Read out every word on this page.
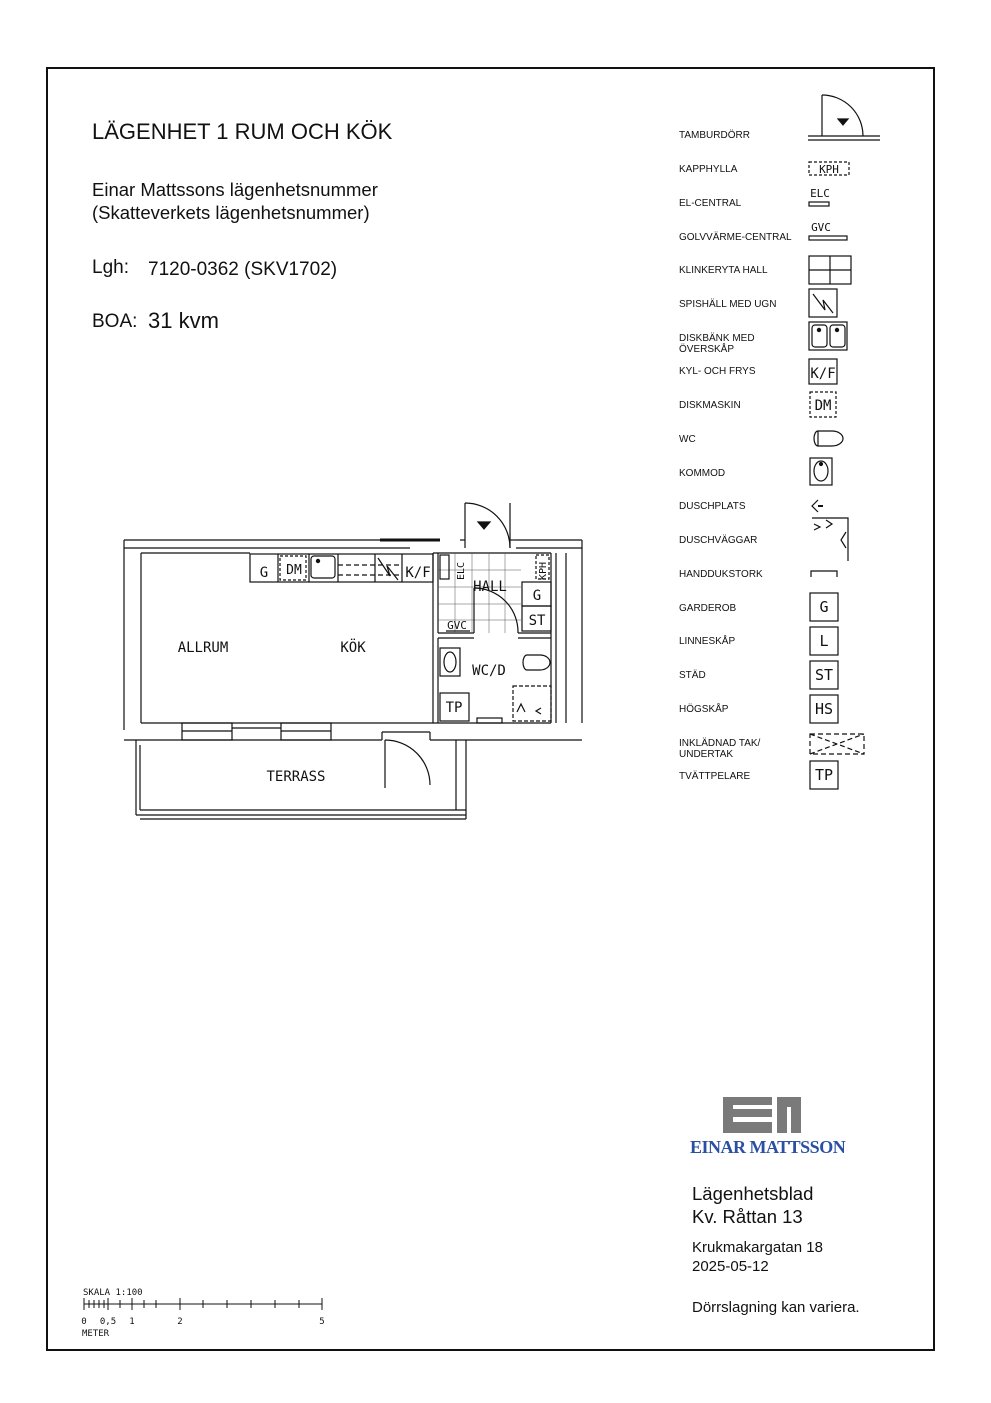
LÄGENHET 1 RUM OCH KÖK
Einar Mattssons lägenhetsnummer
(Skatteverkets lägenhetsnummer)
Lgh: 7120-0362 (SKV1702)
BOA: 31 kvm
TAMBURDÖRR
KAPPHYLLA
EL-CENTRAL
GOLVVÄRME-CENTRAL
KLINKERYTA HALL
SPISHÄLL MED UGN
DISKBÄNK MED ÖVERSKÅP
KYL- OCH FRYS
DISKMASKIN
WC
KOMMOD
DUSCHPLATS
DUSCHVÄGGAR
HANDDUKSTORK
GARDEROB
LINNESKÅP
STÄD
HÖGSKÅP
INKLÄDNAD TAK/ UNDERTAK
TVÄTTPELARE
EINAR MATTSSON
Lägenhetsblad
Kv. Råttan 13
Krukmakargatan 18
2025-05-12
Dörrslagning kan variera.
KPH
ELC
GVC
K/F
DM
G
L
ST
HS
TP
ALLRUM	KÖK
HALL
WC/D
TERRASS
G DM	K/F
G
ST
GVC
TP
ELC	KPH
SKALA 1:100
0 0,5 1	2	5
METER
